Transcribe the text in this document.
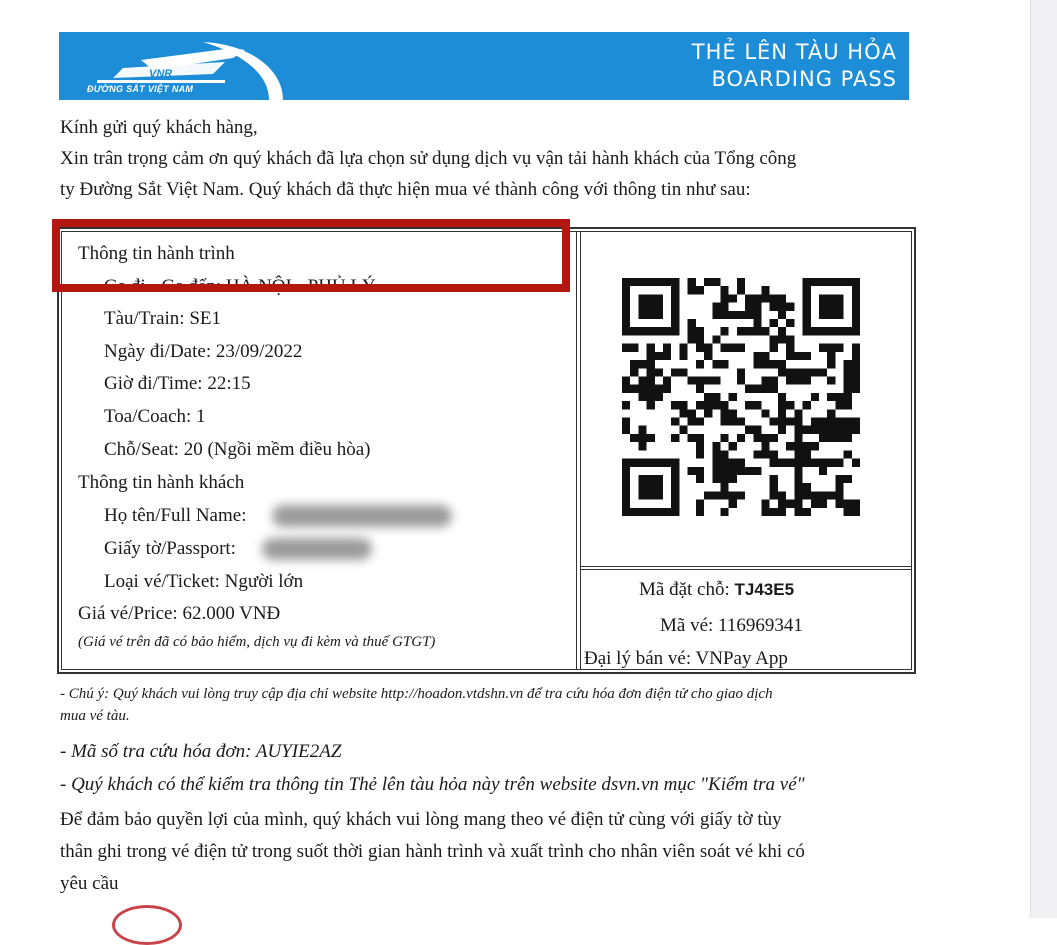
VNR
ĐƯỜNG SẮT VIỆT NAM
THẺ LÊN TÀU HỎA
BOARDING PASS
Kính gửi quý khách hàng,
Xin trân trọng cảm ơn quý khách đã lựa chọn sử dụng dịch vụ vận tải hành khách của Tổng công
ty Đường Sắt Việt Nam. Quý khách đã thực hiện mua vé thành công với thông tin như sau:
Thông tin hành trình
Ga đi - Ga đến: HÀ NỘI - PHỦ LÝ
Tàu/Train: SE1
Ngày đi/Date: 23/09/2022
Giờ đi/Time: 22:15
Toa/Coach: 1
Chỗ/Seat: 20 (Ngồi mềm điều hòa)
Thông tin hành khách
Họ tên/Full Name:
Giấy tờ/Passport:
Loại vé/Ticket: Người lớn
Giá vé/Price: 62.000 VNĐ
(Giá vé trên đã có bảo hiểm, dịch vụ đi kèm và thuế GTGT)
Mã đặt chỗ: TJ43E5
Mã vé: 116969341
Đại lý bán vé: VNPay App
- Chú ý: Quý khách vui lòng truy cập địa chỉ website http://hoadon.vtdshn.vn để tra cứu hóa đơn điện tử cho giao dịch
mua vé tàu.
- Mã số tra cứu hóa đơn: AUYIE2AZ
- Quý khách có thể kiểm tra thông tin Thẻ lên tàu hỏa này trên website dsvn.vn mục "Kiểm tra vé"
Để đảm bảo quyền lợi của mình, quý khách vui lòng mang theo vé điện tử cùng với giấy tờ tùy
thân ghi trong vé điện tử trong suốt thời gian hành trình và xuất trình cho nhân viên soát vé khi có
yêu cầu
